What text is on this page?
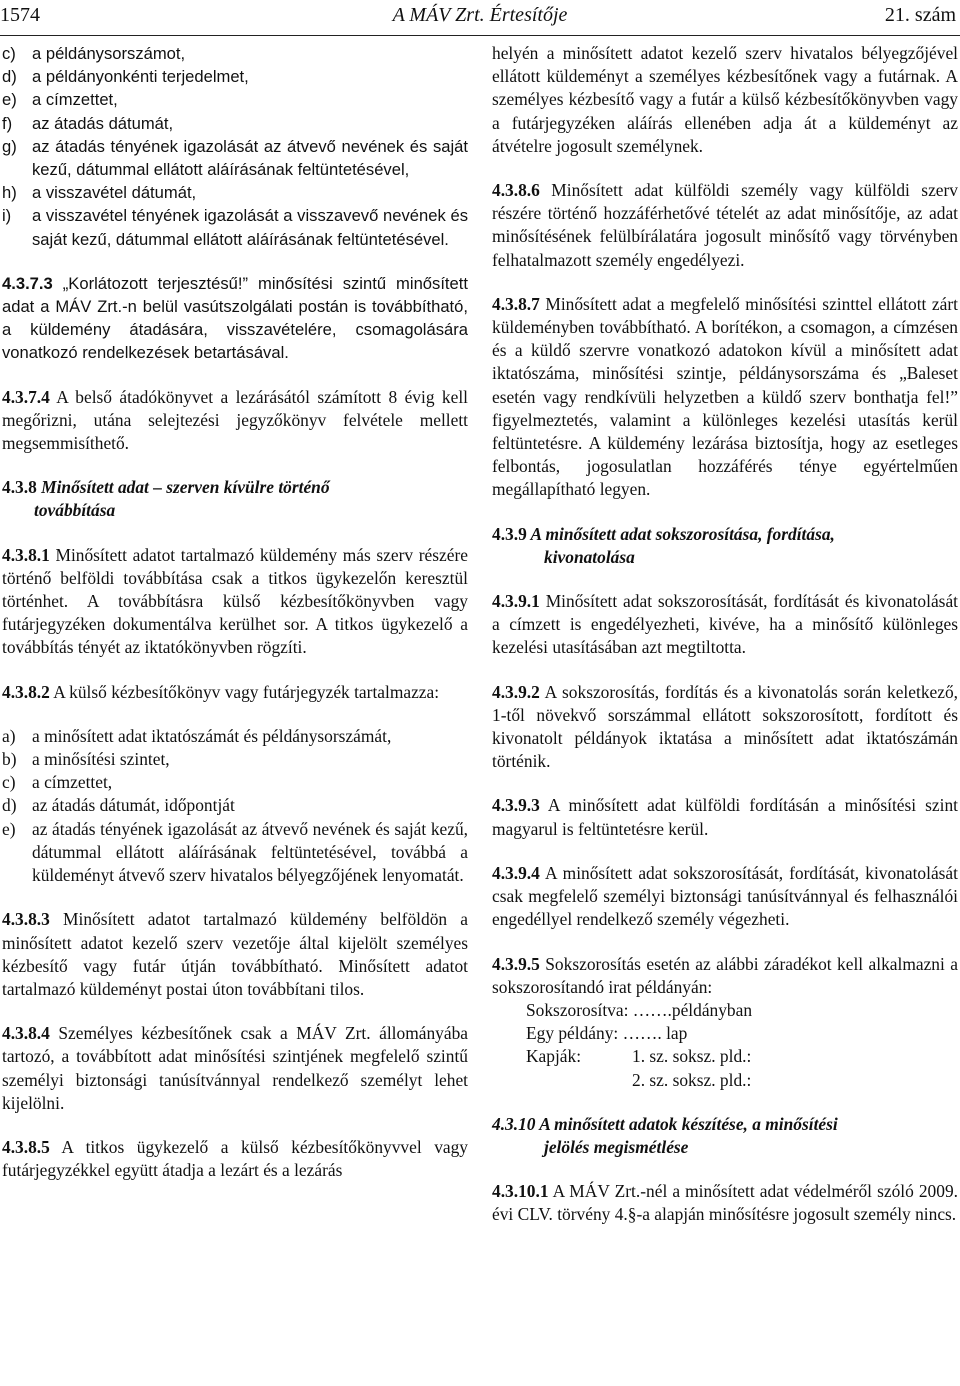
1574	A MÁV Zrt. Értesítője	21. szám
c) a példánysorszámot,
d) a példányonkénti terjedelmet,
e) a címzettet,
f)	az átadás dátumát,
g) az átadás tényének igazolását az átvevő nevének és saját kezű, dátummal ellátott aláírásának feltüntetésével,
h) a visszavétel dátumát,
i)	a visszavétel tényének igazolását a visszavevő nevének és saját kezű, dátummal ellátott aláírásának feltüntetésével.

4.3.7.3 „Korlátozott terjesztésű!” minősítési szintű minősített adat a MÁV Zrt.-n belül vasútszolgálati postán is továbbítható, a küldemény átadására, visszavételére, csomagolására vonatkozó rendelkezések betartásával.

4.3.7.4 A belső átadókönyvet a lezárásától számított 8 évig kell megőrizni, utána selejtezési jegyzőkönyv felvétele mellett megsemmisíthető.

4.3.8 Minősített adat – szerven kívülre történő
továbbítása

4.3.8.1 Minősített adatot tartalmazó küldemény más szerv részére történő belföldi továbbítása csak a titkos ügykezelőn keresztül történhet. A továbbításra külső kézbesítőkönyvben vagy futárjegyzéken dokumentálva kerülhet sor. A titkos ügykezelő a továbbítás tényét az iktatókönyvben rögzíti.

4.3.8.2 A külső kézbesítőkönyv vagy futárjegyzék tartalmazza:

a) a minősített adat iktatószámát és példánysorszámát,
b) a minősítési szintet,
c) a címzettet,
d) az átadás dátumát, időpontját
e) az átadás tényének igazolását az átvevő nevének és saját kezű, dátummal ellátott aláírásának feltüntetésével, továbbá a küldeményt átvevő szerv hivatalos bélyegzőjének lenyomatát.

4.3.8.3 Minősített adatot tartalmazó küldemény belföldön a minősített adatot kezelő szerv vezetője által kijelölt személyes kézbesítő vagy futár útján továbbítható. Minősített adatot tartalmazó küldeményt postai úton továbbítani tilos.

4.3.8.4 Személyes kézbesítőnek csak a MÁV Zrt. állományába tartozó, a továbbított adat minősítési szintjének megfelelő szintű személyi biztonsági tanúsítvánnyal rendelkező személyt lehet kijelölni.

4.3.8.5 A titkos ügykezelő a külső kézbesítőkönyvvel vagy futárjegyzékkel együtt átadja a lezárt és a lezárás

helyén a minősített adatot kezelő szerv hivatalos bélyegzőjével ellátott küldeményt a személyes kézbesítőnek vagy a futárnak. A személyes kézbesítő vagy a futár a külső kézbesítőkönyvben vagy a futárjegyzéken aláírás ellenében adja át a küldeményt az átvételre jogosult személynek.

4.3.8.6 Minősített adat külföldi személy vagy külföldi szerv részére történő hozzáférhetővé tételét az adat minősítője, az adat minősítésének felülbírálatára jogosult minősítő vagy törvényben felhatalmazott személy engedélyezi.

4.3.8.7 Minősített adat a megfelelő minősítési szinttel ellátott zárt küldeményben továbbítható. A borítékon, a csomagon, a címzésen és a küldő szervre vonatkozó adatokon kívül a minősített adat iktatószáma, minősítési szintje, példánysorszáma és „Baleset esetén vagy rendkívüli helyzetben a küldő szerv bonthatja fel!” figyelmeztetés, valamint a különleges kezelési utasítás kerül feltüntetésre. A küldemény lezárása biztosítja, hogy az esetleges felbontás, jogosulatlan hozzáférés ténye egyértelműen megállapítható legyen.

4.3.9 A minősített adat sokszorosítása, fordítása,
kivonatolása

4.3.9.1 Minősített adat sokszorosítását, fordítását és kivonatolását a címzett is engedélyezheti, kivéve, ha a minősítő különleges kezelési utasításában azt megtiltotta.

4.3.9.2 A sokszorosítás, fordítás és a kivonatolás során keletkező, 1-től növekvő sorszámmal ellátott sokszorosított, fordított és kivonatolt példányok iktatása a minősített adat iktatószámán történik.

4.3.9.3 A minősített adat külföldi fordításán a minősítési szint magyarul is feltüntetésre kerül.

4.3.9.4 A minősített adat sokszorosítását, fordítását, kivonatolását csak megfelelő személyi biztonsági tanúsítvánnyal és felhasználói engedéllyel rendelkező személy végezheti.

4.3.9.5 Sokszorosítás esetén az alábbi záradékot kell alkalmazni a sokszorosítandó irat példányán:

Sokszorosítva: …….példányban
Egy példány: ……. lap
Kapják:	1. sz. soksz. pld.:
2. sz. soksz. pld.:

4.3.10 A minősített adatok készítése, a minősítési
jelölés megismétlése

4.3.10.1 A MÁV Zrt.-nél a minősített adat védelméről szóló 2009. évi CLV. törvény 4.§-a alapján minősítésre jogosult személy nincs.
